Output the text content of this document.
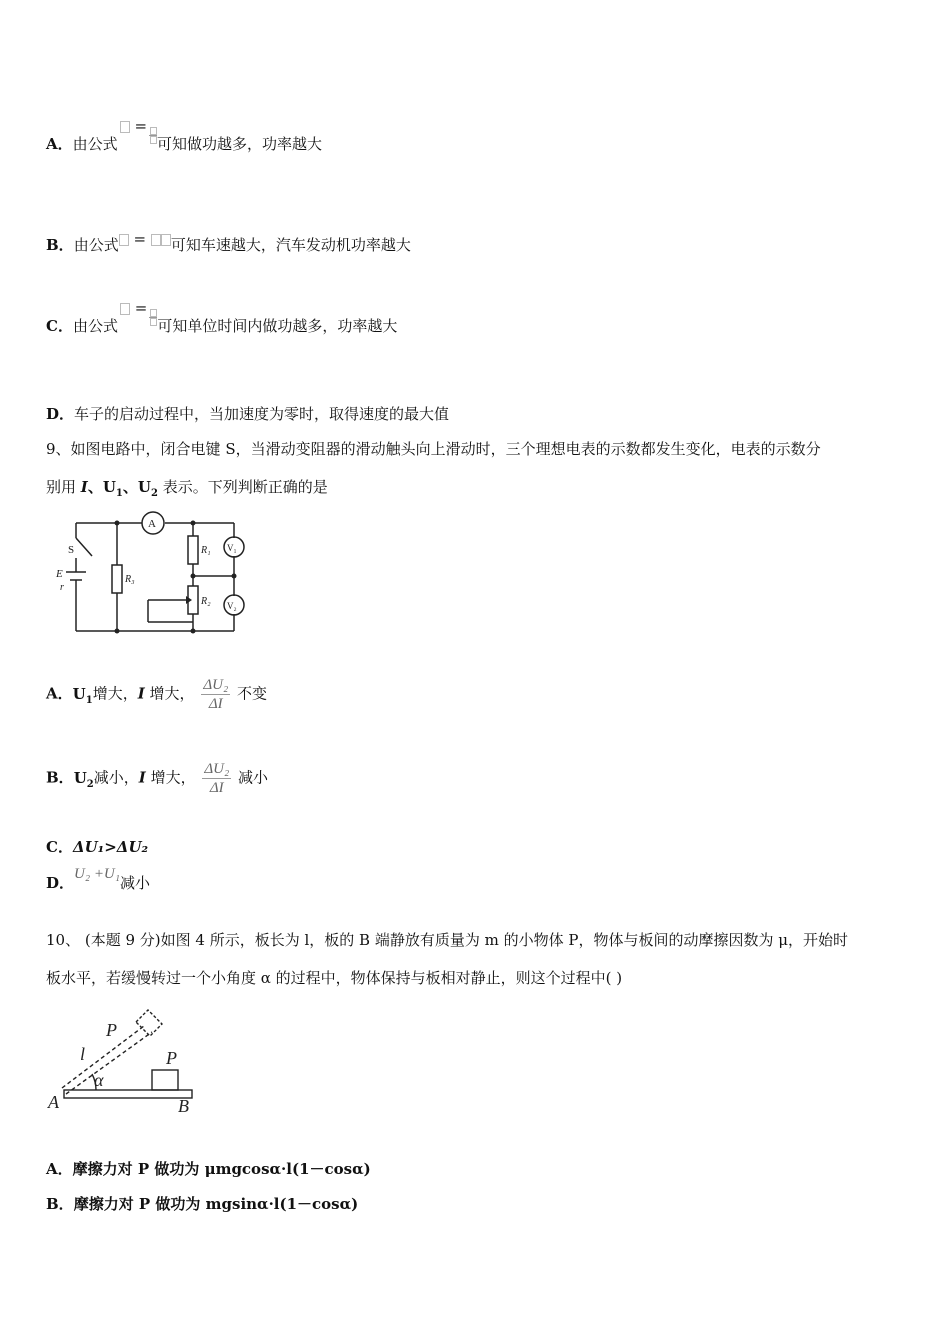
A．由公式 =
可知做功越多，功率越大
B．由公式 = 可知车速越大，汽车发动机功率越大
C．由公式 =
可知单位时间内做功越多，功率越大
D．车子的启动过程中，当加速度为零时，取得速度的最大值
9、如图电路中，闭合电键 S，当滑动变阻器的滑动触头向上滑动时，三个理想电表的示数都发生变化，电表的示数分
别用 I、$U_1$、$U_2$ 表示。下列判断正确的是
A
V₁
V₂
R₁
R₂
R₃
S
E
r
A．$U_1$增大，I 增大， $\frac{\text{ΔU₂}}{\Delta I}$ 不变
B．$U_2$减小，I 增大， $\frac{\text{ΔU₂}}{\Delta I}$ 减小
C．ΔU₁>ΔU₂
D．U₂ +U₁减小
10、 (本题 9 分)如图 4 所示，板长为 l，板的 B 端静放有质量为 m 的小物体 P，物体与板间的动摩擦因数为 μ，开始时
板水平，若缓慢转过一个小角度 α 的过程中，物体保持与板相对静止，则这个过程中( )
P
l
α
P
A	B
A．摩擦力对 P 做功为 μmgcosα·l(1－cosα)
B．摩擦力对 P 做功为 mgsinα·l(1－cosα)
